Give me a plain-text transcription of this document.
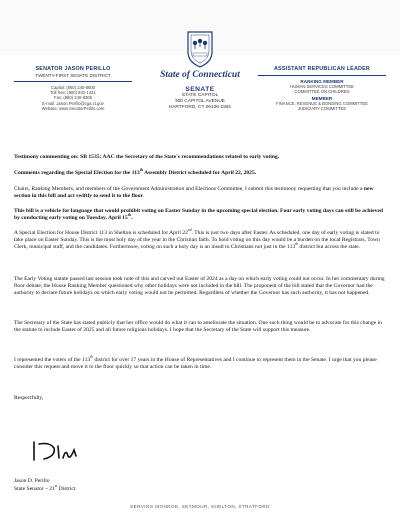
SENATOR JASON PERILLO
TWENTY-FIRST SENATE DISTRICT
Capitol: (860) 240-8800
Toll free: (800) 842-1421
Fax: (860) 240-8306
E-mail: Jason.Perillo@cga.ct.gov
Website: www.SenatorPerillo.com
State of Connecticut
SENATE
STATE CAPITOL
300 CAPITOL AVENUE
HARTFORD, CT 06106-1591
ASSISTANT REPUBLICAN LEADER
RANKING MEMBER
HUMAN SERVICES COMMITTEE
COMMITTEE ON CHILDREN
MEMBER
FINANCE, REVENUE & BONDING COMMITTEE
JUDICIARY COMMITTEE
Testimony commenting on: SB 1535: AAC the Secretary of the State's recommendations related to early voting.
Comments regarding the Special Election for the 113th Assembly District scheduled for April 22, 2025.
Chairs, Ranking Members, and members of the Government Administration and Elections Committee, I submit this testimony requesting that you include a new section in this bill and act swiftly to send it to the floor.
This bill is a vehicle for language that would prohibit voting on Easter Sunday in the upcoming special election. Four early voting days can still be achieved by conducting early voting on Tuesday, April 15th.
A Special Election for House District 113 in Shelton is scheduled for April 22nd. This is just two days after Easter. As scheduled, one day of early voting is slated to take place on Easter Sunday. This is the most holy day of the year in the Christian faith. To hold voting on this day would be a burden on the local Registrars, Town Clerk, municipal staff, and the candidates. Furthermore, voting on such a holy day is an insult to Christians not just in the 113th district but across the state.
The Early Voting statute passed last session took note of this and carved out Easter of 2024 as a day on which early voting could not occur. In her commentary during floor debate, the House Ranking Member questioned why other holidays were not included in the bill. The proponent of the bill stated that the Governor had the authority to declare future holidays on which early voting would not be permitted. Regardless of whether the Governor has such authority, it has not happened.
The Secretary of the State has stated publicly that her office would do what it can to ameliorate the situation. One such thing would be to advocate for this change in the statute to include Easter of 2025 and all future religious holidays. I hope that the Secretary of the State will support this measure.
I represented the voters of the 113th district for over 17 years in the House of Representatives and I continue to represent them in the Senate. I urge that you please consider this request and move it to the floor quickly so that action can be taken in time.
Respectfully,
Jason D. Perillo
State Senator – 21st District
SERVING MONROE, SEYMOUR, SHELTON, STRATFORD
